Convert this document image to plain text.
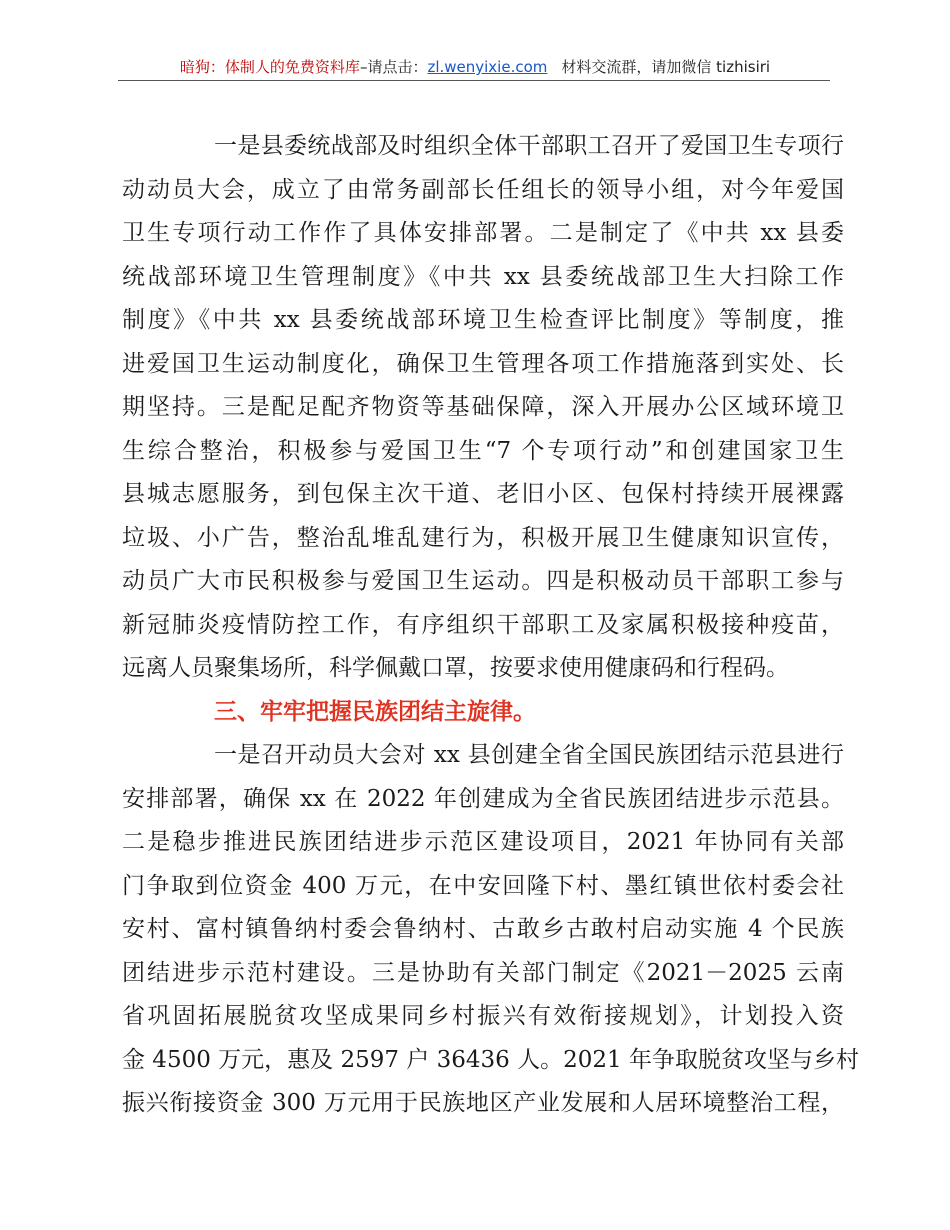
暗狗：体制人的免费资料库–请点击：zl.wenyixie.com 材料交流群，请加微信 tizhisiri
一是县委统战部及时组织全体干部职工召开了爱国卫生专项行
动动员大会，成立了由常务副部长任组长的领导小组，对今年爱国
卫生专项行动工作作了具体安排部署。二是制定了《中共 xx 县委
统战部环境卫生管理制度》《中共 xx 县委统战部卫生大扫除工作
制度》《中共 xx 县委统战部环境卫生检查评比制度》等制度，推
进爱国卫生运动制度化，确保卫生管理各项工作措施落到实处、长
期坚持。三是配足配齐物资等基础保障，深入开展办公区域环境卫
生综合整治，积极参与爱国卫生“7 个专项行动”和创建国家卫生
县城志愿服务，到包保主次干道、老旧小区、包保村持续开展裸露
垃圾、小广告，整治乱堆乱建行为，积极开展卫生健康知识宣传，
动员广大市民积极参与爱国卫生运动。四是积极动员干部职工参与
新冠肺炎疫情防控工作，有序组织干部职工及家属积极接种疫苗，
远离人员聚集场所，科学佩戴口罩，按要求使用健康码和行程码。
三、牢牢把握民族团结主旋律。
一是召开动员大会对 xx 县创建全省全国民族团结示范县进行
安排部署，确保 xx 在 2022 年创建成为全省民族团结进步示范县。
二是稳步推进民族团结进步示范区建设项目，2021 年协同有关部
门争取到位资金 400 万元，在中安回隆下村、墨红镇世依村委会社
安村、富村镇鲁纳村委会鲁纳村、古敢乡古敢村启动实施 4 个民族
团结进步示范村建设。三是协助有关部门制定《2021－2025 云南
省巩固拓展脱贫攻坚成果同乡村振兴有效衔接规划》，计划投入资
金 4500 万元，惠及 2597 户 36436 人。2021 年争取脱贫攻坚与乡村
振兴衔接资金 300 万元用于民族地区产业发展和人居环境整治工程，
